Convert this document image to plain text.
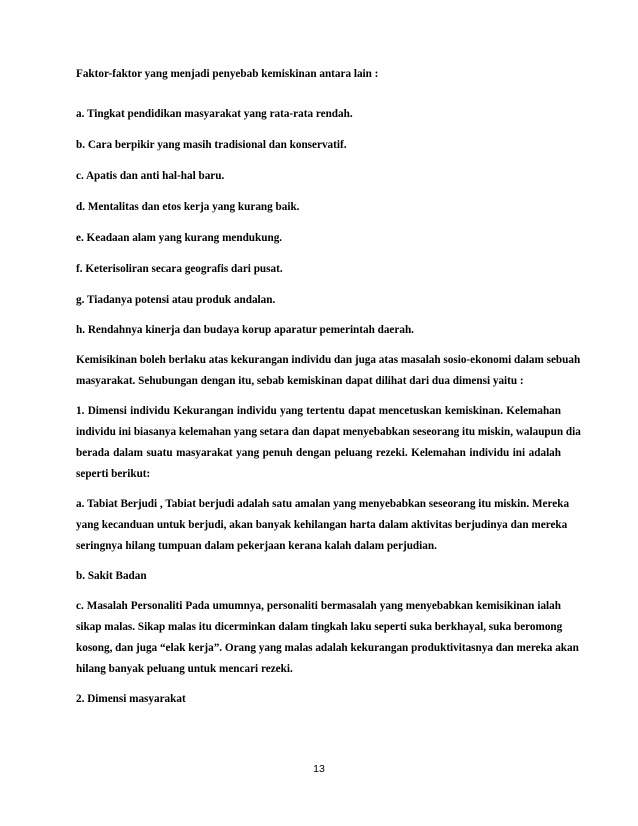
Faktor-faktor yang menjadi penyebab kemiskinan antara lain :
a. Tingkat pendidikan masyarakat yang rata-rata rendah.
b. Cara berpikir yang masih tradisional dan konservatif.
c. Apatis dan anti hal-hal baru.
d. Mentalitas dan etos kerja yang kurang baik.
e. Keadaan alam yang kurang mendukung.
f. Keterisoliran secara geografis dari pusat.
g. Tiadanya potensi atau produk andalan.
h. Rendahnya kinerja dan budaya korup aparatur pemerintah daerah.
Kemisikinan boleh berlaku atas kekurangan individu dan juga atas masalah sosio-ekonomi dalam sebuah
masyarakat. Sehubungan dengan itu, sebab kemiskinan dapat dilihat dari dua dimensi yaitu :
1. Dimensi individu Kekurangan individu yang tertentu dapat mencetuskan kemiskinan. Kelemahan
individu ini biasanya kelemahan yang setara dan dapat menyebabkan seseorang itu miskin, walaupun dia
berada dalam suatu masyarakat yang penuh dengan peluang rezeki. Kelemahan individu ini adalah
seperti berikut:
a. Tabiat Berjudi , Tabiat berjudi adalah satu amalan yang menyebabkan seseorang itu miskin. Mereka
yang kecanduan untuk berjudi, akan banyak kehilangan harta dalam aktivitas berjudinya dan mereka
seringnya hilang tumpuan dalam pekerjaan kerana kalah dalam perjudian.
b. Sakit Badan
c. Masalah Personaliti Pada umumnya, personaliti bermasalah yang menyebabkan kemisikinan ialah
sikap malas. Sikap malas itu dicerminkan dalam tingkah laku seperti suka berkhayal, suka beromong
kosong, dan juga “elak kerja”. Orang yang malas adalah kekurangan produktivitasnya dan mereka akan
hilang banyak peluang untuk mencari rezeki.
2. Dimensi masyarakat
13
